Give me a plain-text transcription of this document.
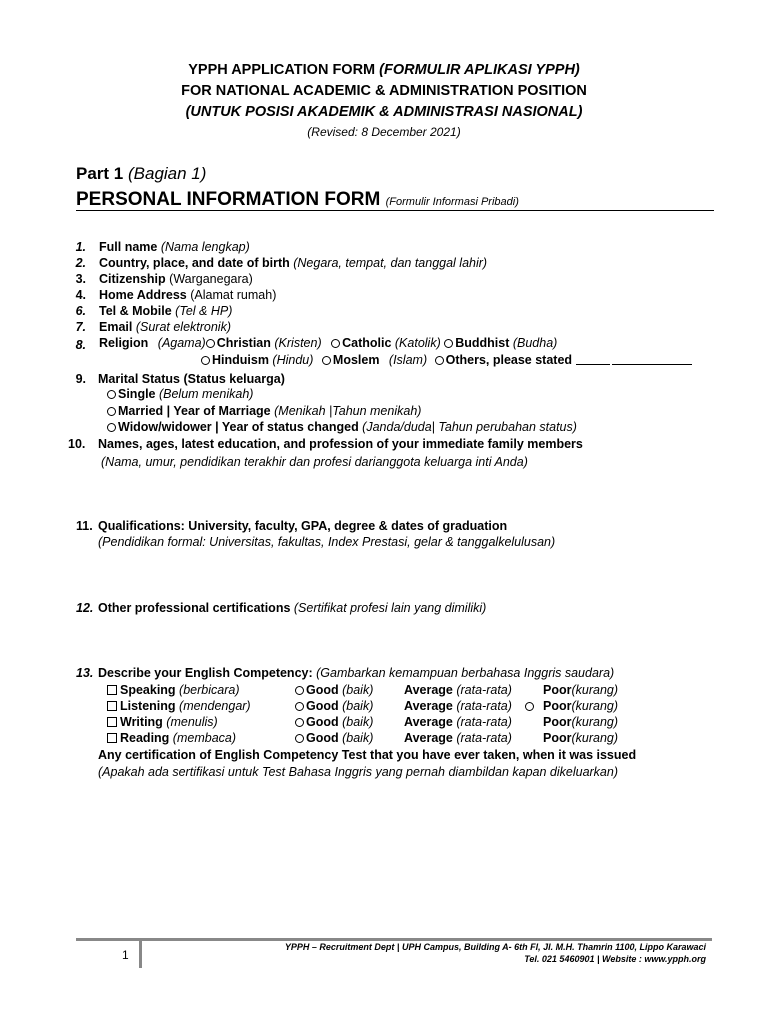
YPPH APPLICATION FORM (FORMULIR APLIKASI YPPH)
FOR NATIONAL ACADEMIC & ADMINISTRATION POSITION
(UNTUK POSISI AKADEMIK & ADMINISTRASI NASIONAL)
(Revised: 8 December 2021)
Part 1 (Bagian 1)
PERSONAL INFORMATION FORM (Formulir Informasi Pribadi)
1. Full name (Nama lengkap)
2. Country, place, and date of birth (Negara, tempat, dan tanggal lahir)
3. Citizenship (Warganegara)
4. Home Address (Alamat rumah)
6. Tel & Mobile (Tel & HP)
7. Email (Surat elektronik)
8. Religion (Agama) Christian (Kristen) Catholic (Katolik) Buddhist (Budha)
Hinduism (Hindu) Moslem (Islam) Others, please stated
9. Marital Status (Status keluarga)
Single (Belum menikah)
Married | Year of Marriage (Menikah |Tahun menikah)
Widow/widower | Year of status changed (Janda/duda| Tahun perubahan status)
10. Names, ages, latest education, and profession of your immediate family members
(Nama, umur, pendidikan terakhir dan profesi darianggota keluarga inti Anda)
11. Qualifications: University, faculty, GPA, degree & dates of graduation
(Pendidikan formal: Universitas, fakultas, Index Prestasi, gelar & tanggalkelulusan)
12. Other professional certifications (Sertifikat profesi lain yang dimiliki)
13. Describe your English Competency: (Gambarkan kemampuan berbahasa Inggris saudara)
Speaking (berbicara)
Listening (mendengar)
Writing (menulis)
Reading (membaca)
Good (baik)
Good (baik)
Good (baik)
Good (baik)
Average (rata-rata)
Average (rata-rata)
Average (rata-rata)
Average (rata-rata)
Poor(kurang)
Poor(kurang)
Poor(kurang)
Poor(kurang)
Any certification of English Competency Test that you have ever taken, when it was issued
(Apakah ada sertifikasi untuk Test Bahasa Inggris yang pernah diambildan kapan dikeluarkan)
1
YPPH – Recruitment Dept | UPH Campus, Building A- 6th Fl, Jl. M.H. Thamrin 1100, Lippo Karawaci
Tel. 021 5460901 | Website : www.ypph.org
